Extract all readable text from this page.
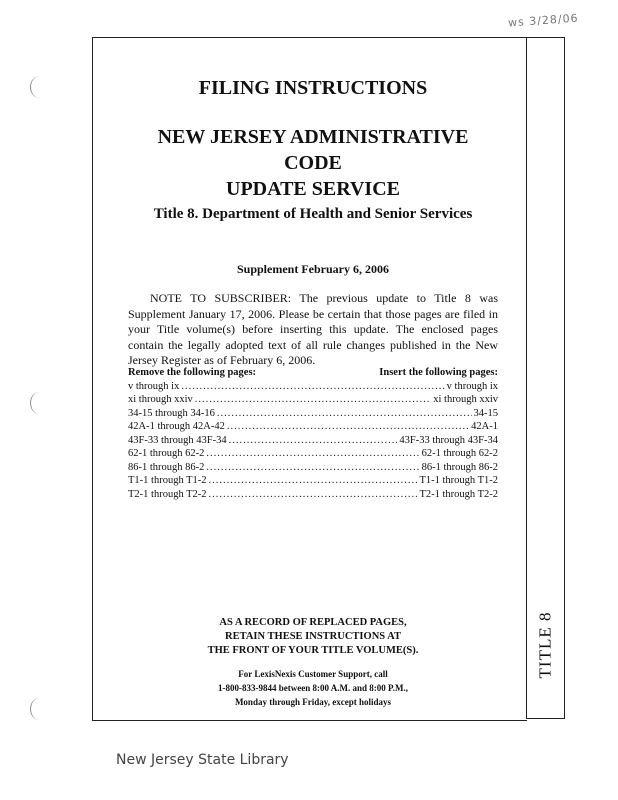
ws 3/28/06
TITLE 8
FILING INSTRUCTIONS
NEW JERSEY ADMINISTRATIVE CODE
UPDATE SERVICE
Title 8. Department of Health and Senior Services
Supplement February 6, 2006
NOTE TO SUBSCRIBER: The previous update to Title 8 was Supplement January 17, 2006. Please be certain that those pages are filed in your Title volume(s) before inserting this update. The enclosed pages contain the legally adopted text of all rule changes published in the New Jersey Register as of February 6, 2006.
Remove the following pages:	Insert the following pages:
v through ix .....	v through ix
xi through xxiv .....	xi through xxiv
34-15 through 34-16 .....	34-15
42A-1 through 42A-42 .....	42A-1
43F-33 through 43F-34 .....	43F-33 through 43F-34
62-1 through 62-2 .....	62-1 through 62-2
86-1 through 86-2 .....	86-1 through 86-2
T1-1 through T1-2 .....	T1-1 through T1-2
T2-1 through T2-2 .....	T2-1 through T2-2
AS A RECORD OF REPLACED PAGES,
RETAIN THESE INSTRUCTIONS AT
THE FRONT OF YOUR TITLE VOLUME(S).
For LexisNexis Customer Support, call
1-800-833-9844 between 8:00 A.M. and 8:00 P.M.,
Monday through Friday, except holidays
New Jersey State Library
